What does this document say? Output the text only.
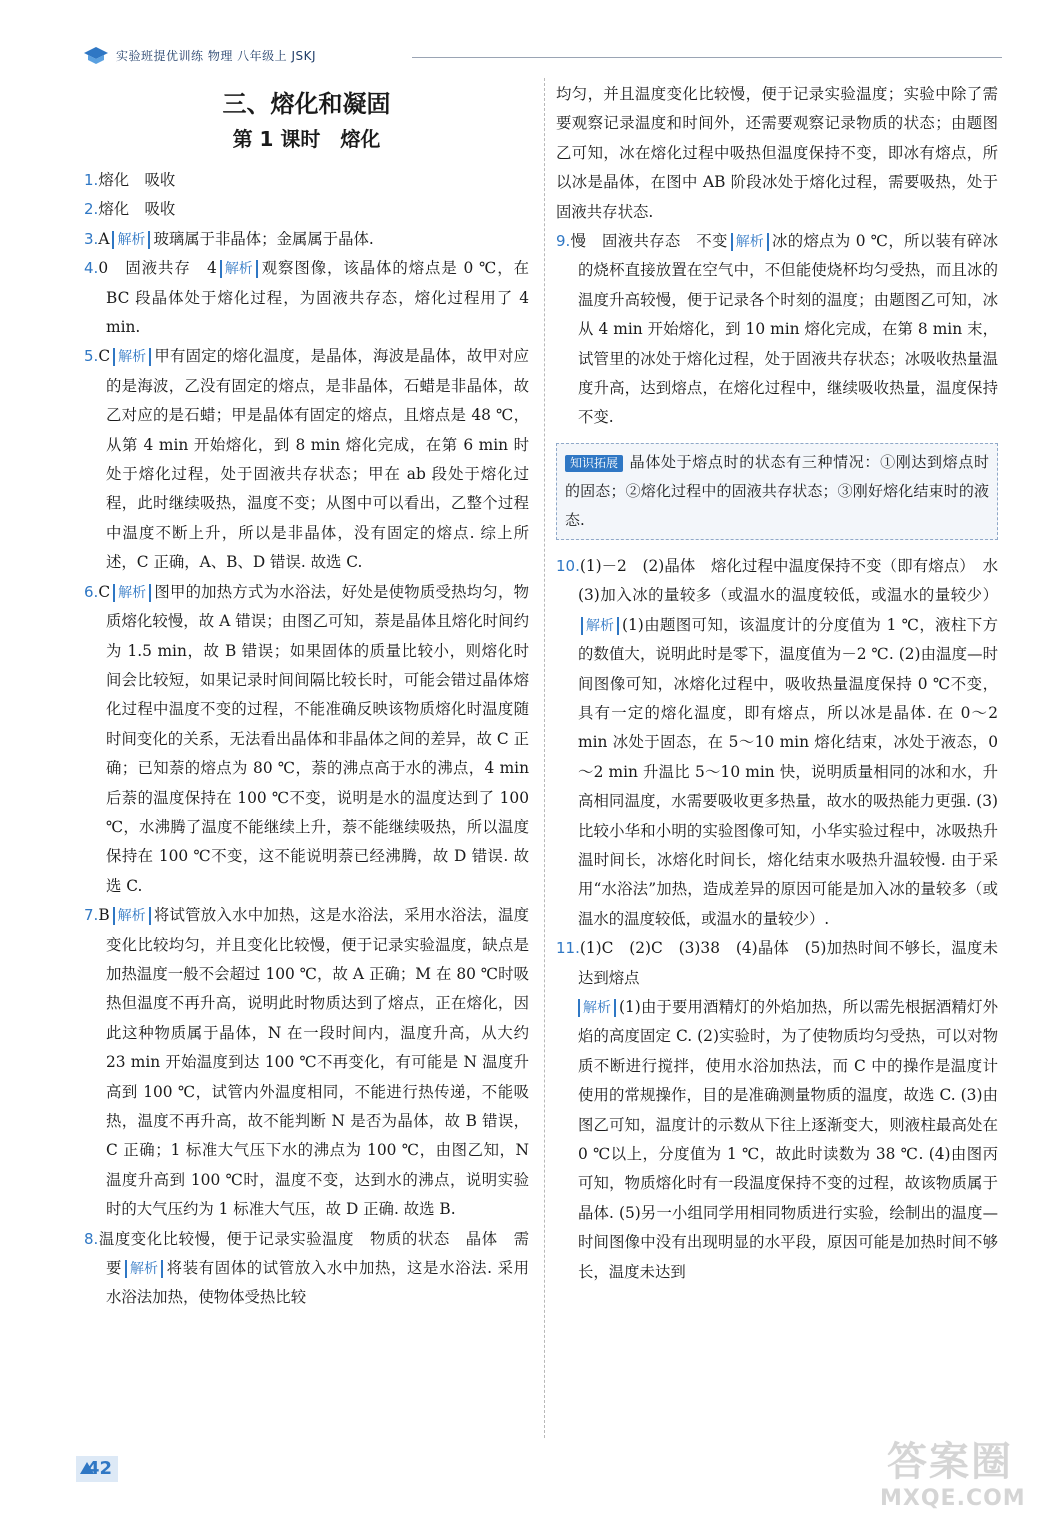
实验班提优训练 物理 八年级上 JSKJ
三、熔化和凝固
第 1 课时　熔化

1.熔化　吸收

2.熔化　吸收

3.A 解析 玻璃属于非晶体；金属属于晶体.

4.0　固液共存　4 解析 观察图像，该晶体的熔点是 0 ℃，在 BC 段晶体处于熔化过程，为固液共存态，熔化过程用了 4 min.

5.C 解析 甲有固定的熔化温度，是晶体，海波是晶体，故甲对应的是海波，乙没有固定的熔点，是非晶体，石蜡是非晶体，故乙对应的是石蜡；甲是晶体有固定的熔点，且熔点是 48 ℃，从第 4 min 开始熔化，到 8 min 熔化完成，在第 6 min 时处于熔化过程，处于固液共存状态；甲在 ab 段处于熔化过程，此时继续吸热，温度不变；从图中可以看出，乙整个过程中温度不断上升，所以是非晶体，没有固定的熔点. 综上所述，C 正确，A、B、D 错误. 故选 C.

6.C 解析 图甲的加热方式为水浴法，好处是使物质受热均匀，物质熔化较慢，故 A 错误；由图乙可知，萘是晶体且熔化时间约为 1.5 min，故 B 错误；如果固体的质量比较小，则熔化时间会比较短，如果记录时间间隔比较长时，可能会错过晶体熔化过程中温度不变的过程，不能准确反映该物质熔化时温度随时间变化的关系，无法看出晶体和非晶体之间的差异，故 C 正确；已知萘的熔点为 80 ℃，萘的沸点高于水的沸点，4 min 后萘的温度保持在 100 ℃不变，说明是水的温度达到了 100 ℃，水沸腾了温度不能继续上升，萘不能继续吸热，所以温度保持在 100 ℃不变，这不能说明萘已经沸腾，故 D 错误. 故选 C.

7.B 解析 将试管放入水中加热，这是水浴法，采用水浴法，温度变化比较均匀，并且变化比较慢，便于记录实验温度，缺点是加热温度一般不会超过 100 ℃，故 A 正确；M 在 80 ℃时吸热但温度不再升高，说明此时物质达到了熔点，正在熔化，因此这种物质属于晶体，N 在一段时间内，温度升高，从大约 23 min 开始温度到达 100 ℃不再变化，有可能是 N 温度升高到 100 ℃，试管内外温度相同，不能进行热传递，不能吸热，温度不再升高，故不能判断 N 是否为晶体，故 B 错误，C 正确；1 标准大气压下水的沸点为 100 ℃，由图乙知，N 温度升高到 100 ℃时，温度不变，达到水的沸点，说明实验时的大气压约为 1 标准大气压，故 D 正确. 故选 B.

8.温度变化比较慢，便于记录实验温度　物质的状态　晶体　需要 解析 将装有固体的试管放入水中加热，这是水浴法. 采用水浴法加热，使物体受热比较

均匀，并且温度变化比较慢，便于记录实验温度；实验中除了需要观察记录温度和时间外，还需要观察记录物质的状态；由题图乙可知，冰在熔化过程中吸热但温度保持不变，即冰有熔点，所以冰是晶体，在图中 AB 阶段冰处于熔化过程，需要吸热，处于固液共存状态.

9.慢　固液共存态　不变 解析 冰的熔点为 0 ℃，所以装有碎冰的烧杯直接放置在空气中，不但能使烧杯均匀受热，而且冰的温度升高较慢，便于记录各个时刻的温度；由题图乙可知，冰从 4 min 开始熔化，到 10 min 熔化完成，在第 8 min 末，试管里的冰处于熔化过程，处于固液共存状态；冰吸收热量温度升高，达到熔点，在熔化过程中，继续吸收热量，温度保持不变.

知识拓展 晶体处于熔点时的状态有三种情况：①刚达到熔点时的固态；②熔化过程中的固液共存状态；③刚好熔化结束时的液态.

10.(1)－2　(2)晶体　熔化过程中温度保持不变（即有熔点）　水　(3)加入冰的量较多（或温水的温度较低，或温水的量较少）解析 (1)由题图可知，该温度计的分度值为 1 ℃，液柱下方的数值大，说明此时是零下，温度值为－2 ℃. (2)由温度—时间图像可知，冰熔化过程中，吸收热量温度保持 0 ℃不变，具有一定的熔化温度，即有熔点，所以冰是晶体. 在 0～2 min 冰处于固态，在 5～10 min 熔化结束，冰处于液态，0～2 min 升温比 5～10 min 快，说明质量相同的冰和水，升高相同温度，水需要吸收更多热量，故水的吸热能力更强. (3)比较小华和小明的实验图像可知，小华实验过程中，冰吸热升温时间长，冰熔化时间长，熔化结束水吸热升温较慢. 由于采用“水浴法”加热，造成差异的原因可能是加入冰的量较多（或温水的温度较低，或温水的量较少）.

11.(1)C　(2)C　(3)38　(4)晶体　(5)加热时间不够长，温度未达到熔点

解析 (1)由于要用酒精灯的外焰加热，所以需先根据酒精灯外焰的高度固定 C. (2)实验时，为了使物质均匀受热，可以对物质不断进行搅拌，使用水浴加热法，而 C 中的操作是温度计使用的常规操作，目的是准确测量物质的温度，故选 C. (3)由图乙可知，温度计的示数从下往上逐渐变大，则液柱最高处在 0 ℃以上，分度值为 1 ℃，故此时读数为 38 ℃. (4)由图丙可知，物质熔化时有一段温度保持不变的过程，故该物质属于晶体. (5)另一小组同学用相同物质进行实验，绘制出的温度—时间图像中没有出现明显的水平段，原因可能是加热时间不够长，温度未达到

42	答案圈
MXQE.COM
